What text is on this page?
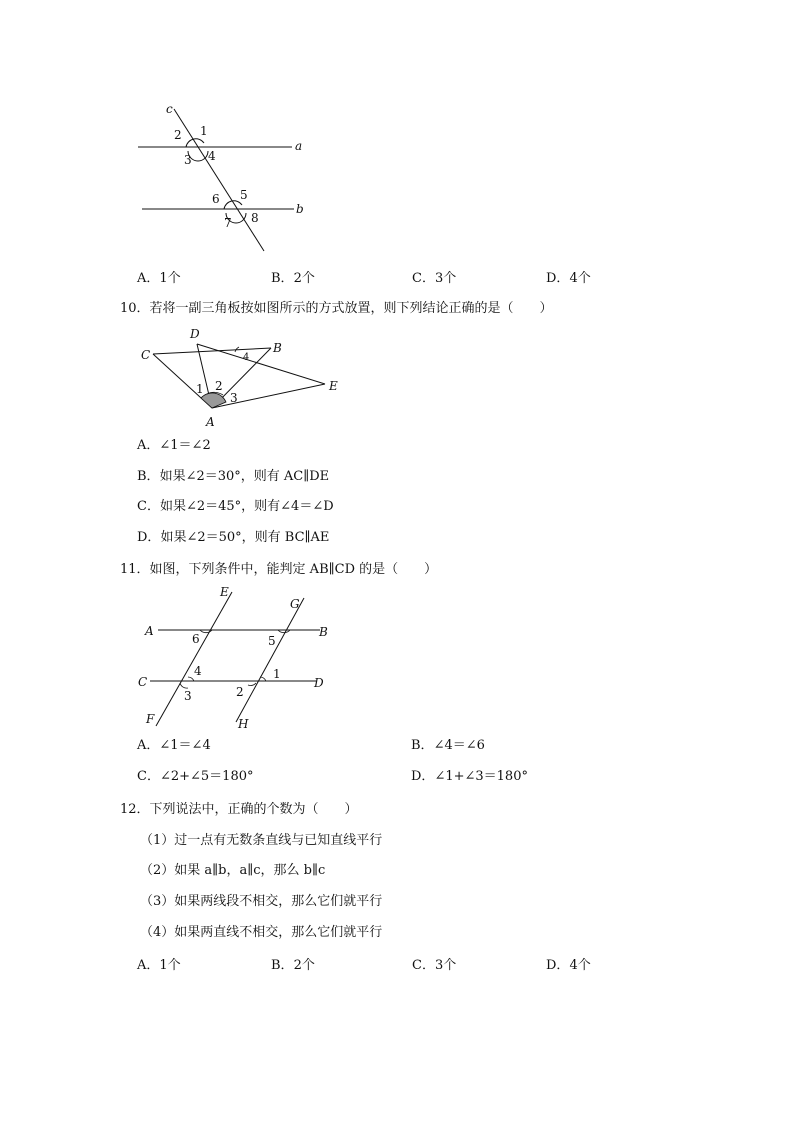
c
a
b
1
2
3 4
5
6
7 8
A．1个	B．2个	C．3个	D．4个
10．若将一副三角板按如图所示的方式放置，则下列结论正确的是（　　）
D
B
C
E
A
1 2
3
4
A．∠1＝∠2
B．如果∠2＝30°，则有 AC∥DE
C．如果∠2＝45°，则有∠4＝∠D
D．如果∠2＝50°，则有 BC∥AE
11．如图，下列条件中，能判定 AB∥CD 的是（　　）
E
G
A	B
C	D
F	H
1
2
3
4
5
6
A．∠1＝∠4	B．∠4＝∠6
C．∠2+∠5＝180°	D．∠1+∠3＝180°
12．下列说法中，正确的个数为（　　）
（1）过一点有无数条直线与已知直线平行
（2）如果 a∥b，a∥c，那么 b∥c
（3）如果两线段不相交，那么它们就平行
（4）如果两直线不相交，那么它们就平行
A．1个	B．2个	C．3个	D．4个
